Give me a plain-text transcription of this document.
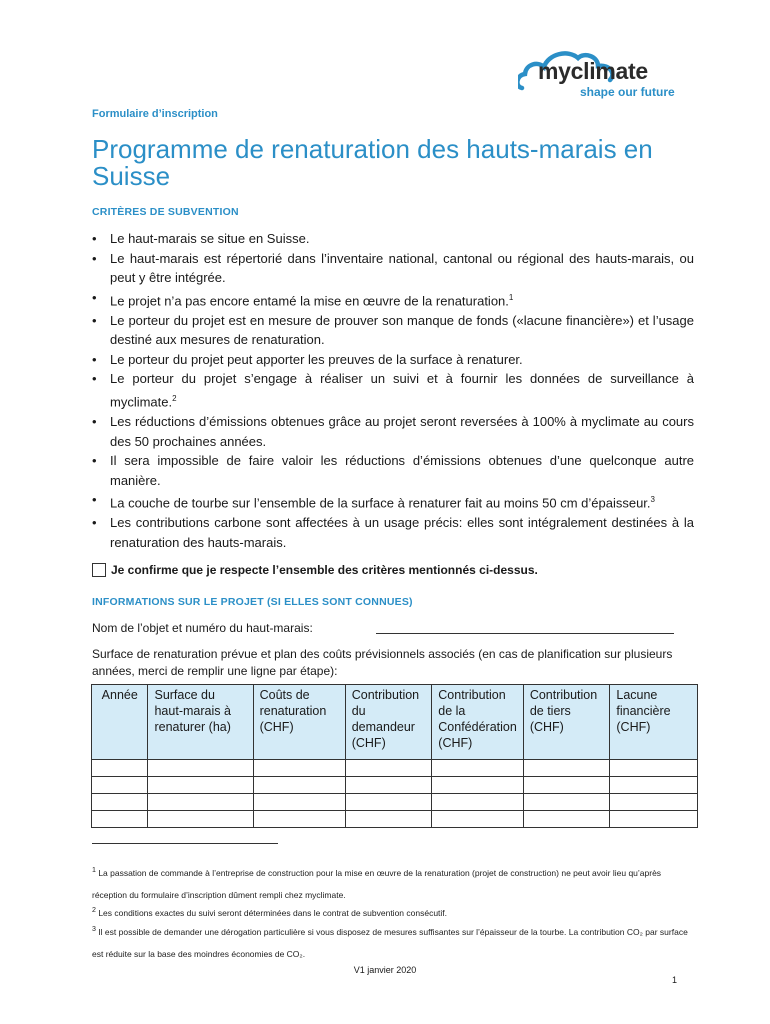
myclimate
shape our future
Formulaire d’inscription
Programme de renaturation des hauts-marais en Suisse
CRITÈRES DE SUBVENTION
• Le haut-marais se situe en Suisse.
• Le haut-marais est répertorié dans l’inventaire national, cantonal ou régional des hauts-marais, ou peut y être intégrée.
• Le projet n’a pas encore entamé la mise en œuvre de la renaturation.$^1$
• Le porteur du projet est en mesure de prouver son manque de fonds («lacune financière») et l’usage destiné aux mesures de renaturation.
• Le porteur du projet peut apporter les preuves de la surface à renaturer.
• Le porteur du projet s’engage à réaliser un suivi et à fournir les données de surveillance à myclimate.$^2$
• Les réductions d’émissions obtenues grâce au projet seront reversées à 100% à myclimate au cours des 50 prochaines années.
• Il sera impossible de faire valoir les réductions d’émissions obtenues d’une quelconque autre manière.
• La couche de tourbe sur l’ensemble de la surface à renaturer fait au moins 50 cm d’épaisseur.$^3$
• Les contributions carbone sont affectées à un usage précis: elles sont intégralement destinées à la renaturation des hauts-marais.
Je confirme que je respecte l’ensemble des critères mentionnés ci-dessus.
INFORMATIONS SUR LE PROJET (SI ELLES SONT CONNUES)
Nom de l’objet et numéro du haut-marais:
Surface de renaturation prévue et plan des coûts prévisionnels associés (en cas de planification sur plusieurs années, merci de remplir une ligne par étape):
Année	Surface du haut-marais à renaturer (ha)	Coûts de renaturation (CHF)	Contribution du demandeur (CHF)	Contribution de la Confédération (CHF)	Contribution de tiers (CHF)	Lacune financière (CHF)

$^1$ La passation de commande à l’entreprise de construction pour la mise en œuvre de la renaturation (projet de construction) ne peut avoir lieu qu’après réception du formulaire d’inscription dûment rempli chez myclimate.
$^2$ Les conditions exactes du suivi seront déterminées dans le contrat de subvention consécutif.
$^3$ Il est possible de demander une dérogation particulière si vous disposez de mesures suffisantes sur l’épaisseur de la tourbe. La contribution CO₂ par surface est réduite sur la base des moindres économies de CO₂.
V1 janvier 2020
1
